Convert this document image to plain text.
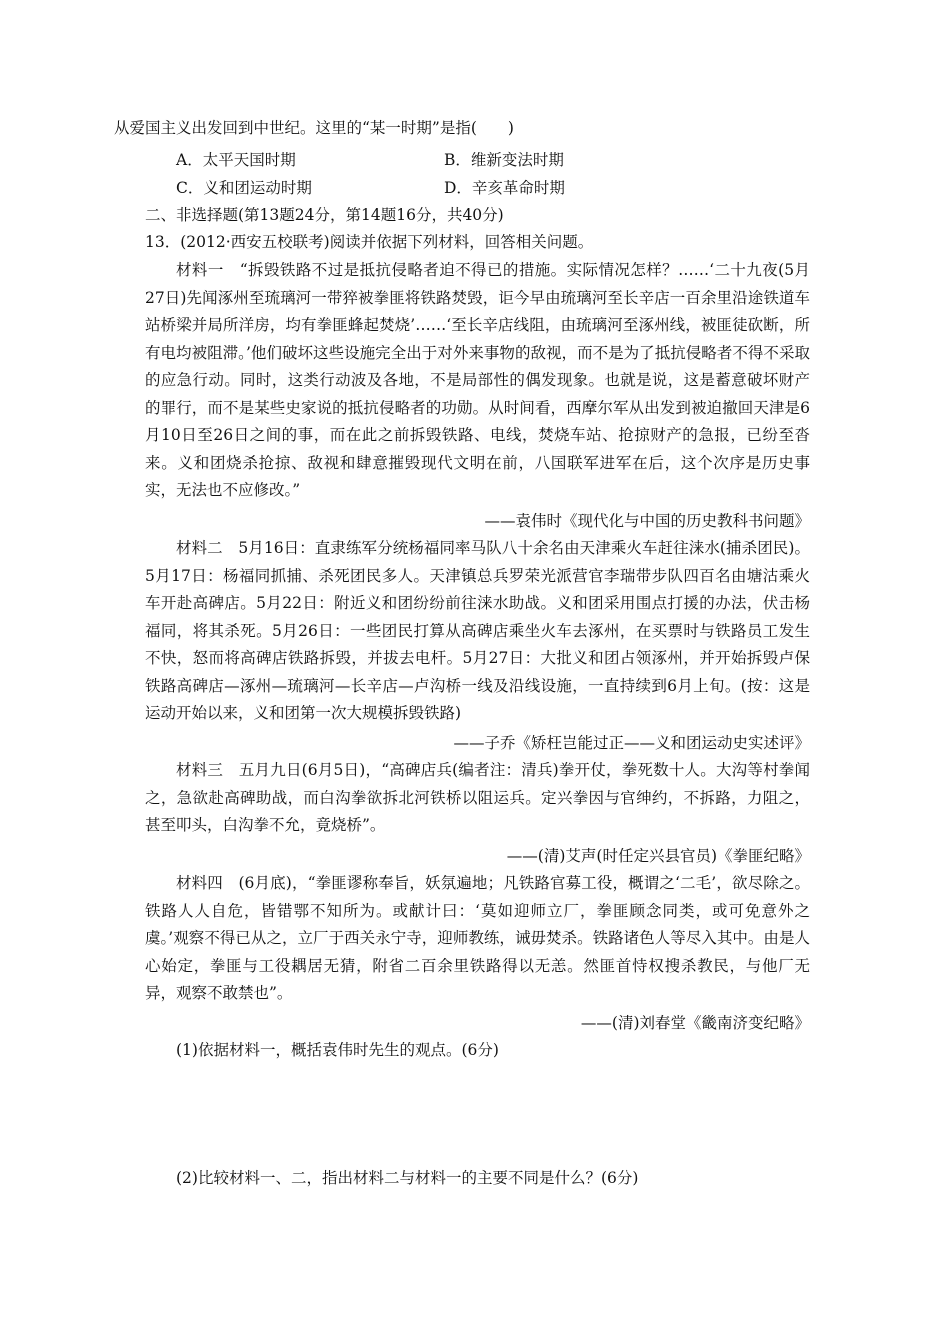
从爱国主义出发回到中世纪。这里的“某一时期”是指(　　)
A．太平天国时期	B．维新变法时期
C．义和团运动时期	D．辛亥革命时期
二、非选择题(第13题24分，第14题16分，共40分)
13．(2012·西安五校联考)阅读并依据下列材料，回答相关问题。
材料一　“拆毁铁路不过是抵抗侵略者迫不得已的措施。实际情况怎样？……‘二十九夜(5月27日)先闻涿州至琉璃河一带猝被拳匪将铁路焚毁，讵今早由琉璃河至长辛店一百余里沿途铁道车站桥梁并局所洋房，均有拳匪蜂起焚烧’……‘至长辛店线阻，由琉璃河至涿州线，被匪徒砍断，所有电均被阻滞。’他们破坏这些设施完全出于对外来事物的敌视，而不是为了抵抗侵略者不得不采取的应急行动。同时，这类行动波及各地，不是局部性的偶发现象。也就是说，这是蓄意破坏财产的罪行，而不是某些史家说的抵抗侵略者的功勋。从时间看，西摩尔军从出发到被迫撤回天津是6月10日至26日之间的事，而在此之前拆毁铁路、电线，焚烧车站、抢掠财产的急报，已纷至沓来。义和团烧杀抢掠、敌视和肆意摧毁现代文明在前，八国联军进军在后，这个次序是历史事实，无法也不应修改。”
——袁伟时《现代化与中国的历史教科书问题》
材料二　5月16日：直隶练军分统杨福同率马队八十余名由天津乘火车赶往涞水(捕杀团民)。5月17日：杨福同抓捕、杀死团民多人。天津镇总兵罗荣光派营官李瑞带步队四百名由塘沽乘火车开赴高碑店。5月22日：附近义和团纷纷前往涞水助战。义和团采用围点打援的办法，伏击杨福同，将其杀死。5月26日：一些团民打算从高碑店乘坐火车去涿州，在买票时与铁路员工发生不快，怒而将高碑店铁路拆毁，并拔去电杆。5月27日：大批义和团占领涿州，并开始拆毁卢保铁路高碑店—涿州—琉璃河—长辛店—卢沟桥一线及沿线设施，一直持续到6月上旬。(按：这是运动开始以来，义和团第一次大规模拆毁铁路)
——子乔《矫枉岂能过正——义和团运动史实述评》
材料三　五月九日(6月5日)，“高碑店兵(编者注：清兵)拳开仗，拳死数十人。大沟等村拳闻之，急欲赴高碑助战，而白沟拳欲拆北河铁桥以阻运兵。定兴拳因与官绅约，不拆路，力阻之，甚至叩头，白沟拳不允，竟烧桥”。
——(清)艾声(时任定兴县官员)《拳匪纪略》
材料四　(6月底)，“拳匪谬称奉旨，妖氛遍地；凡铁路官募工役，概谓之‘二毛’，欲尽除之。铁路人人自危，皆错鄂不知所为。或献计曰：‘莫如迎师立厂，拳匪顾念同类，或可免意外之虞。’观察不得已从之，立厂于西关永宁寺，迎师教练，诫毋焚杀。铁路诸色人等尽入其中。由是人心始定，拳匪与工役耦居无猜，附省二百余里铁路得以无恙。然匪首恃权搜杀教民，与他厂无异，观察不敢禁也”。
——(清)刘春堂《畿南济变纪略》
(1)依据材料一，概括袁伟时先生的观点。(6分)
(2)比较材料一、二，指出材料二与材料一的主要不同是什么？(6分)
